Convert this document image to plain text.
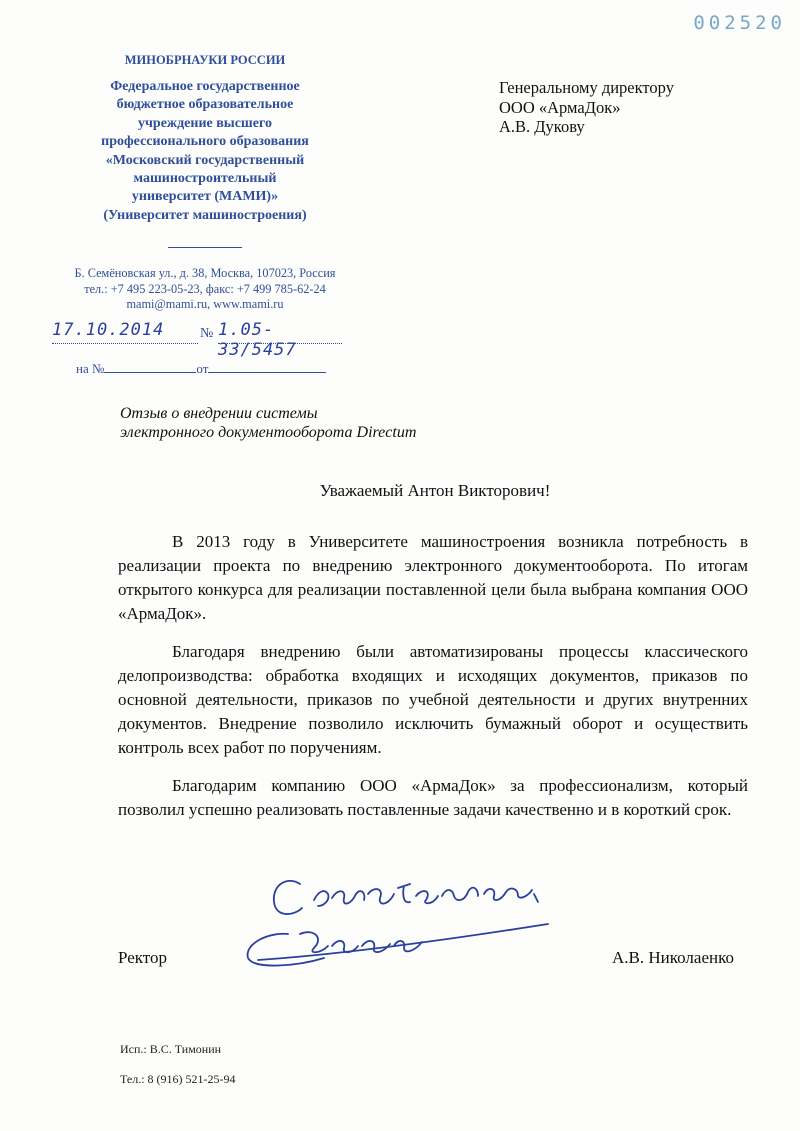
002520
МИНОБРНАУКИ РОССИИ
Федеральное государственное
бюджетное образовательное
учреждение высшего
профессионального образования
«Московский государственный
машиностроительный
университет (МАМИ)»
(Университет машиностроения)
Б. Семёновская ул., д. 38, Москва, 107023, Россия
тел.: +7 495 223-05-23, факс: +7 499 785-62-24
mami@mami.ru, www.mami.ru
17.10.2014	№ 1.05-33/5457
на №	от
Генеральному директору
ООО «АрмаДок»
А.В. Дукову
Отзыв о внедрении системы
электронного документооборота Directum
Уважаемый Антон Викторович!

В 2013 году в Университете машиностроения возникла потребность в реализации проекта по внедрению электронного документооборота. По итогам открытого конкурса для реализации поставленной цели была выбрана компания ООО «АрмаДок».

Благодаря внедрению были автоматизированы процессы классического делопроизводства: обработка входящих и исходящих документов, приказов по основной деятельности, приказов по учебной деятельности и других внутренних документов. Внедрение позволило исключить бумажный оборот и осуществить контроль всех работ по поручениям.

Благодарим компанию ООО «АрмаДок» за профессионализм, который позволил успешно реализовать поставленные задачи качественно и в короткий срок.

Ректор	А.В. Николаенко
Исп.: В.С. Тимонин
Тел.: 8 (916) 521-25-94
